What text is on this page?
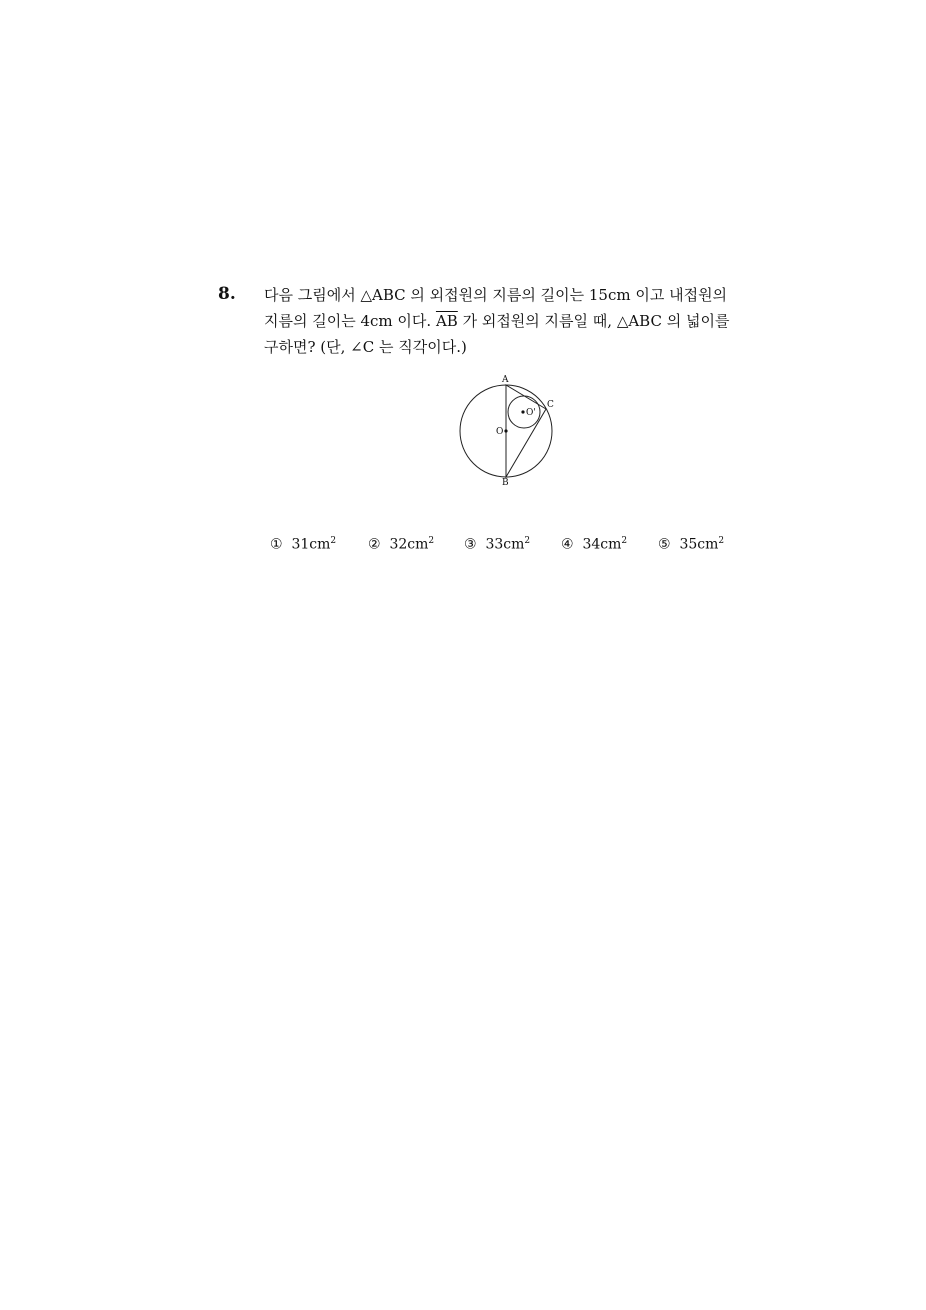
8. 다음 그림에서 △ABC 의 외접원의 지름의 길이는 15cm 이고 내접원의
지름의 길이는 4cm 이다. $\overline{AB}$ 가 외접원의 지름일 때, △ABC 의 넓이를
구하면? (단, ∠C 는 직각이다.)
A
B
C
O
O'
① $31cm^2$ ② $32cm^2$ ③ $33cm^2$ ④ $34cm^2$ ⑤ $35cm^2$
